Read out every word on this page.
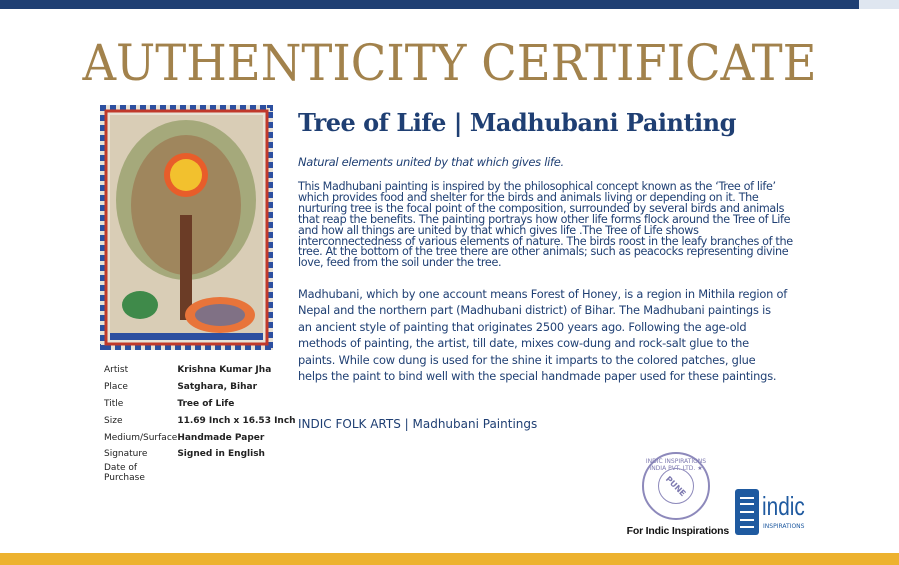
AUTHENTICITY CERTIFICATE
Tree of Life | Madhubani Painting
Natural elements united by that which gives life.
This Madhubani painting is inspired by the philosophical concept known as the ‘Tree of life’ which provides food and shelter for the birds and animals living or depending on it. The nurturing tree is the focal point of the composition, surrounded by several birds and animals that reap the benefits. The painting portrays how other life forms flock around the Tree of Life and how all things are united by that which gives life .The Tree of Life shows interconnectedness of various elements of nature. The birds roost in the leafy branches of the tree. At the bottom of the tree there are other animals; such as peacocks representing divine love, feed from the soil under the tree.
Madhubani, which by one account means Forest of Honey, is a region in Mithila region of Nepal and the northern part (Madhubani district) of Bihar. The Madhubani paintings is an ancient style of painting that originates 2500 years ago. Following the age-old methods of painting, the artist, till date, mixes cow-dung and rock-salt glue to the paints. While cow dung is used for the shine it imparts to the colored patches, glue helps the paint to bind well with the special handmade paper used for these paintings.
INDIC FOLK ARTS | Madhubani Paintings
Artist	Krishna Kumar Jha
Place	Satghara, Bihar
Title	Tree of Life
Size	11.69 Inch x 16.53 Inch
Medium/Surface	Handmade Paper
Signature	Signed in English
Date of Purchase	
INDIC INSPIRATIONS INDIA PVT. LTD. ★
PUNE
For Indic Inspirations
indic
INSPIRATIONS
